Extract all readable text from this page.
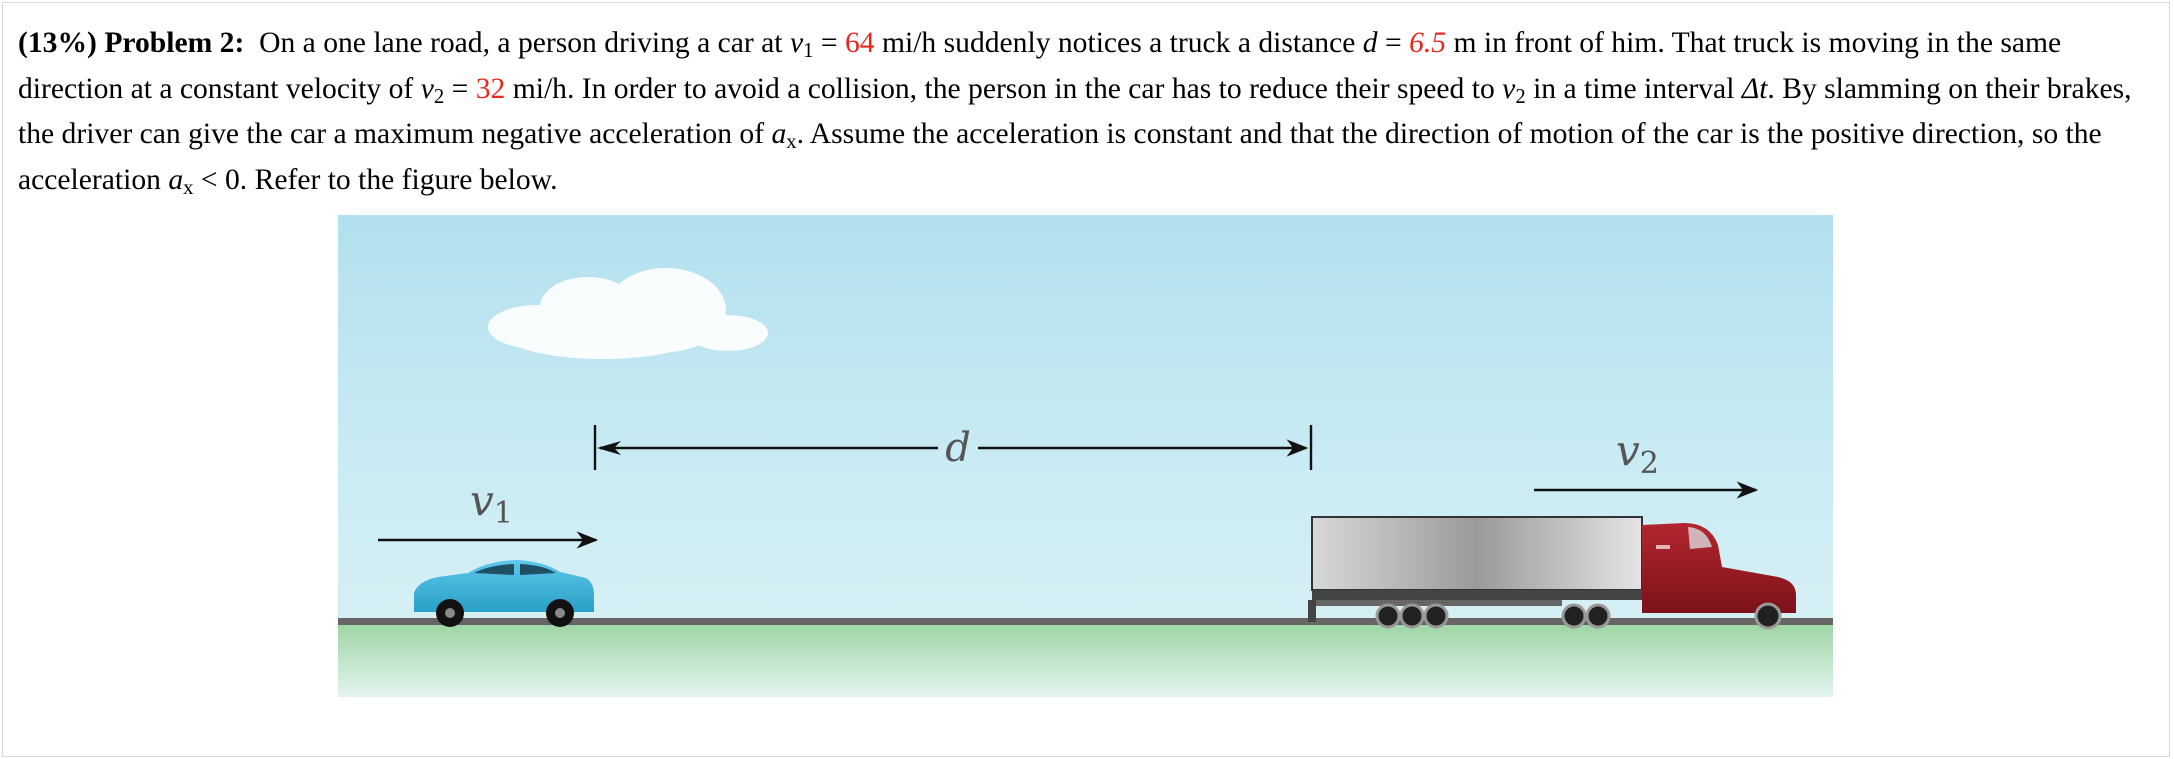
(13%) Problem 2: On a one lane road, a person driving a car at $v_1 = 64$ mi/h suddenly notices a truck a distance d = 6.5 m in front of him. That truck is moving in the same direction at a constant velocity of $v_2 = 32$ mi/h. In order to avoid a collision, the person in the car has to reduce their speed to $v_2$ in a time interval Δt. By slamming on their brakes, the driver can give the car a maximum negative acceleration of $a_x$. Assume the acceleration is constant and that the direction of motion of the car is the positive direction, so the acceleration $a_x < 0$. Refer to the figure below.
d
v1
v2
